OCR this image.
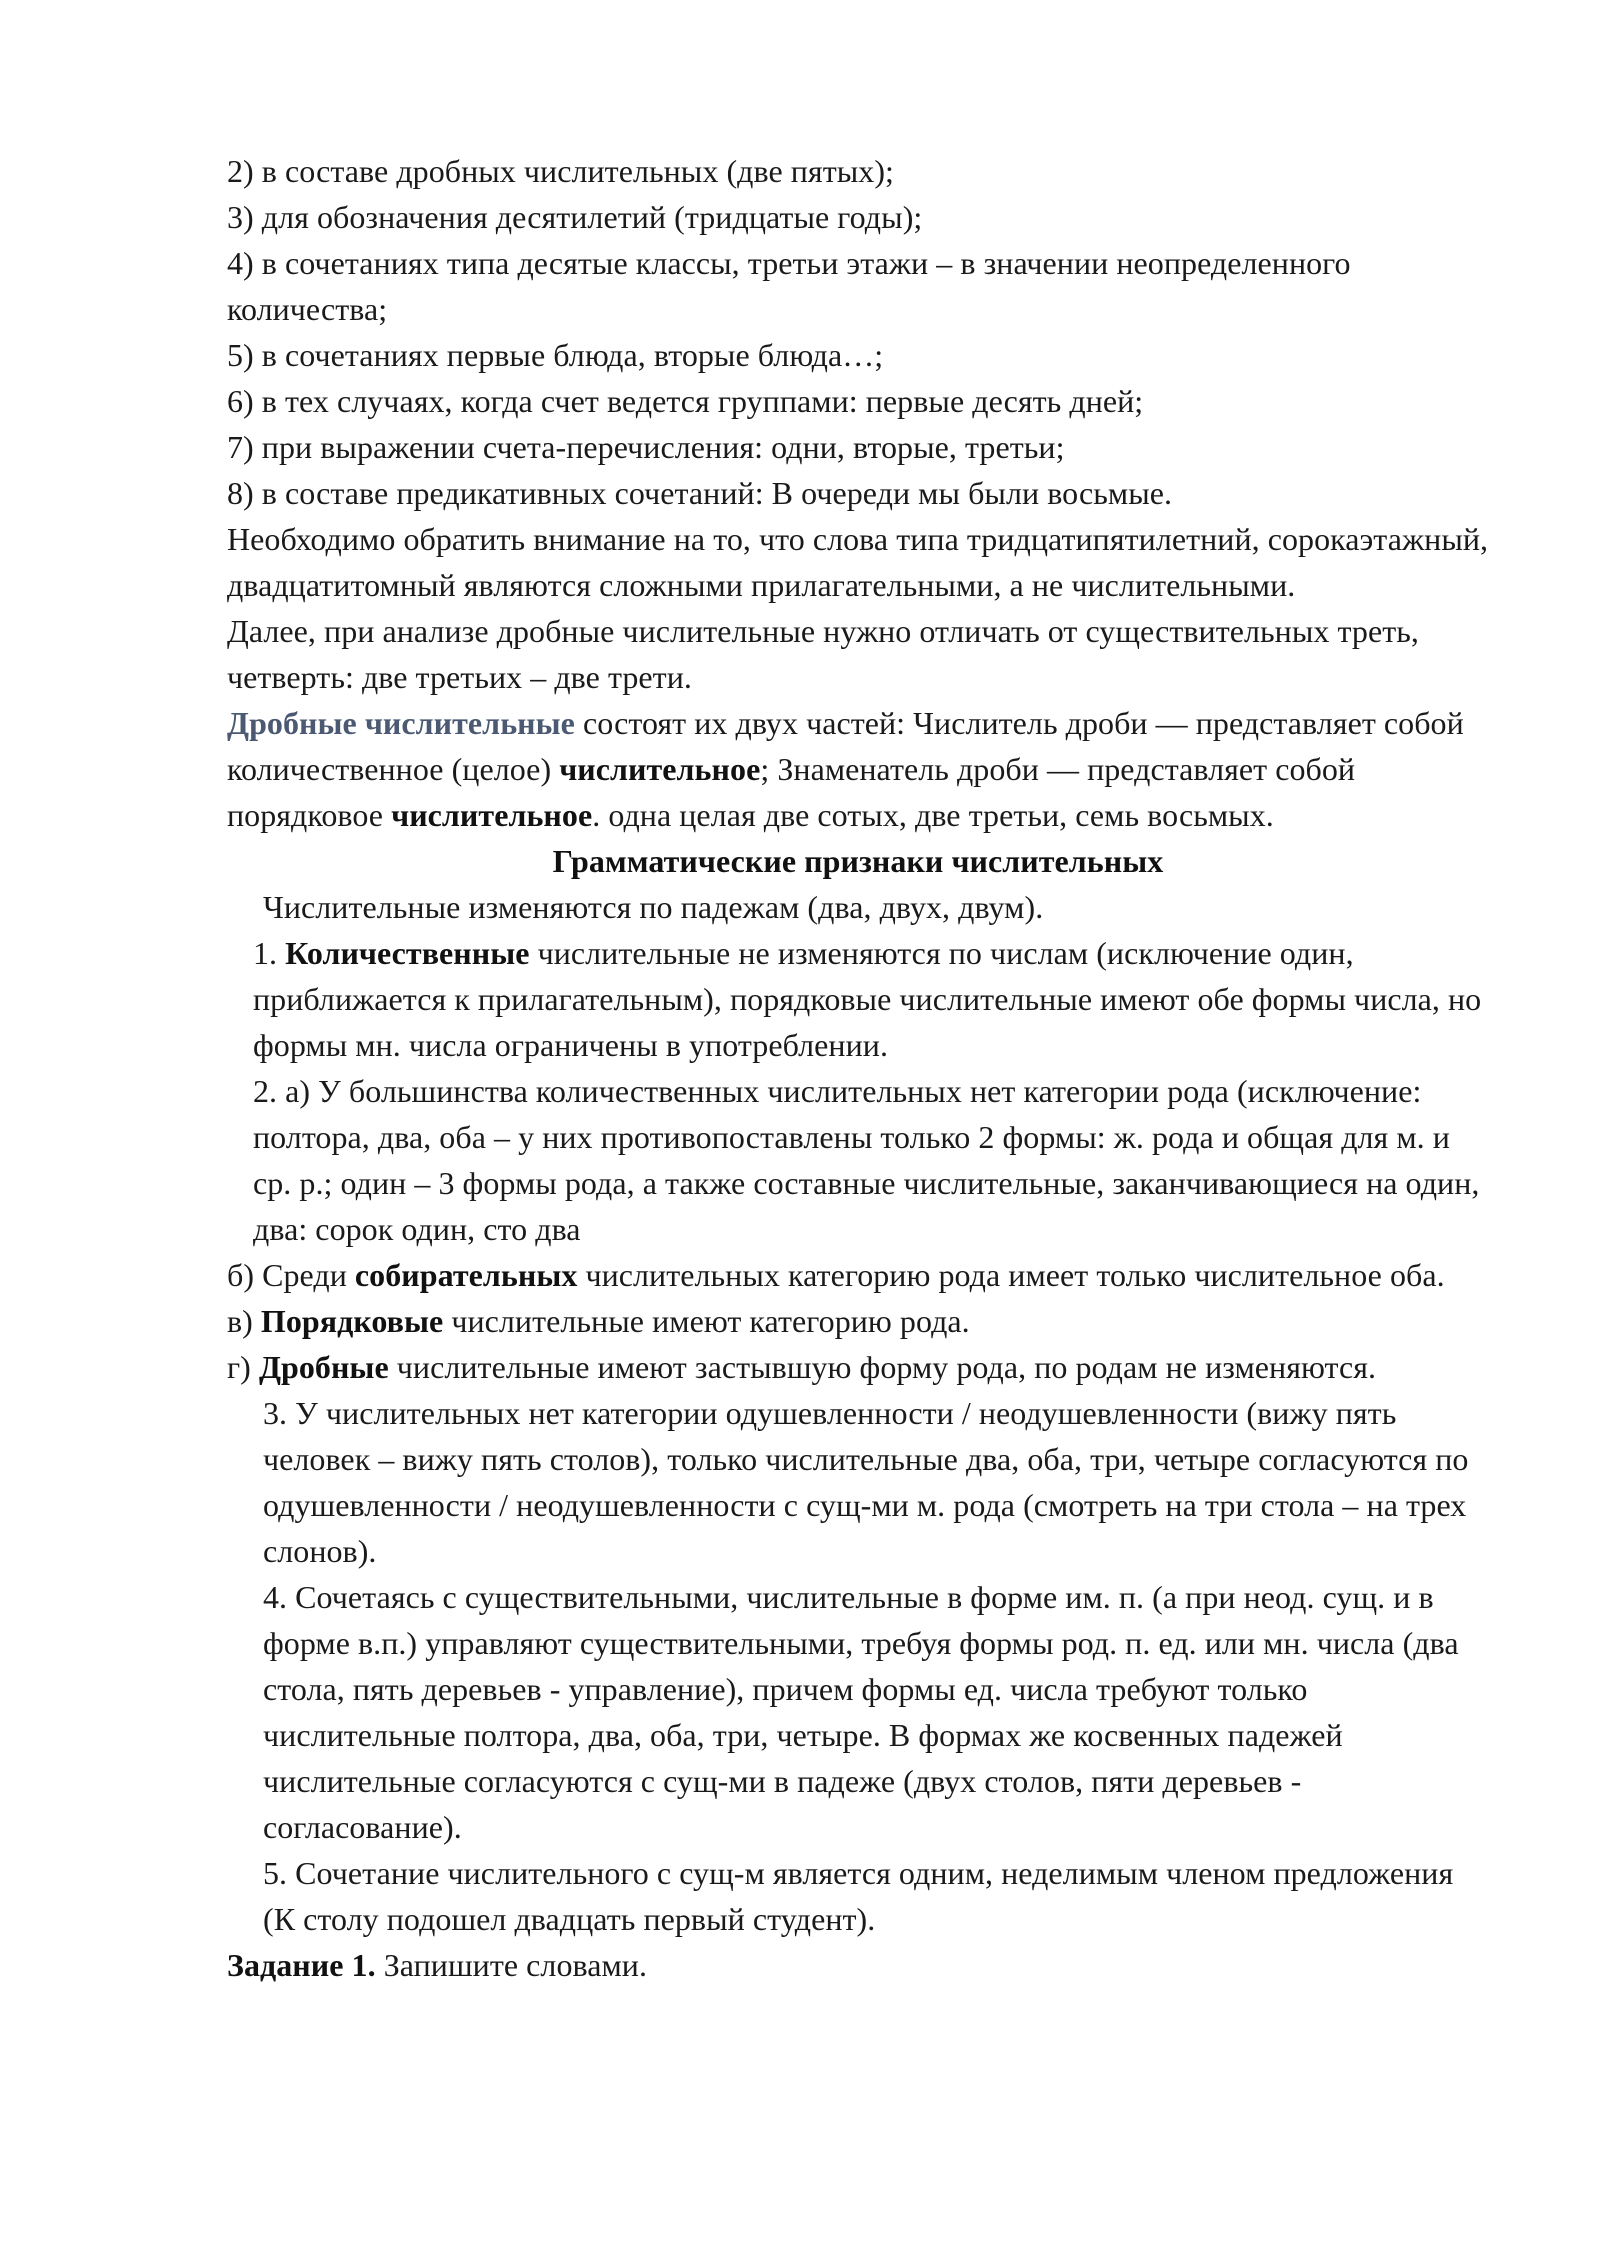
2) в составе дробных числительных (две пятых);

3) для обозначения десятилетий (тридцатые годы);

4) в сочетаниях типа десятые классы, третьи этажи – в значении неопределенного количества;

5) в сочетаниях первые блюда, вторые блюда…;

6) в тех случаях, когда счет ведется группами: первые десять дней;

7) при выражении счета-перечисления: одни, вторые, третьи;

8) в составе предикативных сочетаний: В очереди мы были восьмые.

Необходимо обратить внимание на то, что слова типа тридцатипятилетний, сорокаэтажный, двадцатитомный являются сложными прилагательными, а не числительными.

Далее, при анализе дробные числительные нужно отличать от существительных треть, четверть: две третьих – две трети.

Дробные числительные состоят их двух частей: Числитель дроби — представляет собой количественное (целое) числительное; Знаменатель дроби — представляет собой порядковое числительное. одна целая две сотых, две третьи, семь восьмых.

Грамматические признаки числительных

Числительные изменяются по падежам (два, двух, двум).

1. Количественные числительные не изменяются по числам (исключение один, приближается к прилагательным), порядковые числительные имеют обе формы числа, но формы мн. числа ограничены в употреблении.

2. а) У большинства количественных числительных нет категории рода (исключение: полтора, два, оба – у них противопоставлены только 2 формы: ж. рода и общая для м. и ср. р.; один – 3 формы рода, а также составные числительные, заканчивающиеся на один, два: сорок один, сто два

б) Среди собирательных числительных категорию рода имеет только числительное оба.

в) Порядковые числительные имеют категорию рода.

г) Дробные числительные имеют застывшую форму рода, по родам не изменяются.

3. У числительных нет категории одушевленности / неодушевленности (вижу пять человек – вижу пять столов), только числительные два, оба, три, четыре согласуются по одушевленности / неодушевленности с сущ-ми м. рода (смотреть на три стола – на трех слонов).

4. Сочетаясь с существительными, числительные в форме им. п. (а при неод. сущ. и в форме в.п.) управляют существительными, требуя формы род. п. ед. или мн. числа (два стола, пять деревьев - управление), причем формы ед. числа требуют только числительные полтора, два, оба, три, четыре. В формах же косвенных падежей числительные согласуются с сущ-ми в падеже (двух столов, пяти деревьев - согласование).

5. Сочетание числительного с сущ-м является одним, неделимым членом предложения (К столу подошел двадцать первый студент).

Задание 1. Запишите словами.
